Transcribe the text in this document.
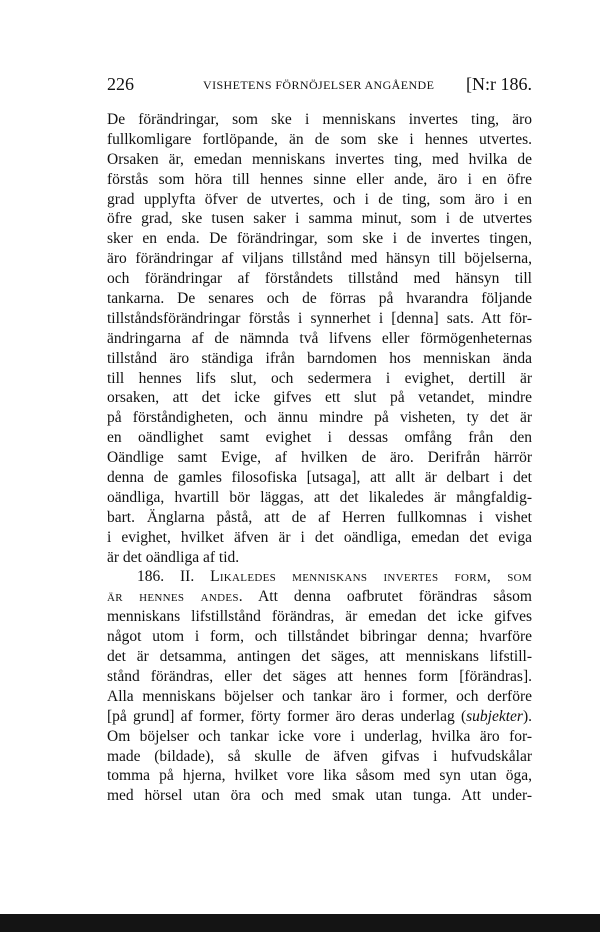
226	VISHETENS FÖRNÖJELSER ANGÅENDE [N:r 186.
De förändringar, som ske i menniskans invertes ting, äro
fullkomligare fortlöpande, än de som ske i hennes utvertes.
Orsaken är, emedan menniskans invertes ting, med hvilka de
förstås som höra till hennes sinne eller ande, äro i en öfre
grad upplyfta öfver de utvertes, och i de ting, som äro i en
öfre grad, ske tusen saker i samma minut, som i de utvertes
sker en enda. De förändringar, som ske i de invertes tingen,
äro förändringar af viljans tillstånd med hänsyn till böjelserna,
och förändringar af förståndets tillstånd med hänsyn till
tankarna. De senares och de förras på hvarandra följande
tillståndsförändringar förstås i synnerhet i [denna] sats. Att för-
ändringarna af de nämnda två lifvens eller förmögenheternas
tillstånd äro ständiga ifrån barndomen hos menniskan ända
till hennes lifs slut, och sedermera i evighet, dertill är
orsaken, att det icke gifves ett slut på vetandet, mindre
på förståndigheten, och ännu mindre på visheten, ty det är
en oändlighet samt evighet i dessas omfång från den
Oändlige samt Evige, af hvilken de äro. Derifrån härrör
denna de gamles filosofiska [utsaga], att allt är delbart i det
oändliga, hvartill bör läggas, att det likaledes är mångfaldig-
bart. Änglarna påstå, att de af Herren fullkomnas i vishet
i evighet, hvilket äfven är i det oändliga, emedan det eviga
är det oändliga af tid.
186. II. Likaledes menniskans invertes form, som
är hennes andes. Att denna oafbrutet förändras såsom
menniskans lifstillstånd förändras, är emedan det icke gifves
något utom i form, och tillståndet bibringar denna; hvarföre
det är detsamma, antingen det säges, att menniskans lifstill-
stånd förändras, eller det säges att hennes form [förändras].
Alla menniskans böjelser och tankar äro i former, och derföre
[på grund] af former, förty former äro deras underlag (subjekter).
Om böjelser och tankar icke vore i underlag, hvilka äro for-
made (bildade), så skulle de äfven gifvas i hufvudskålar
tomma på hjerna, hvilket vore lika såsom med syn utan öga,
med hörsel utan öra och med smak utan tunga. Att under-
